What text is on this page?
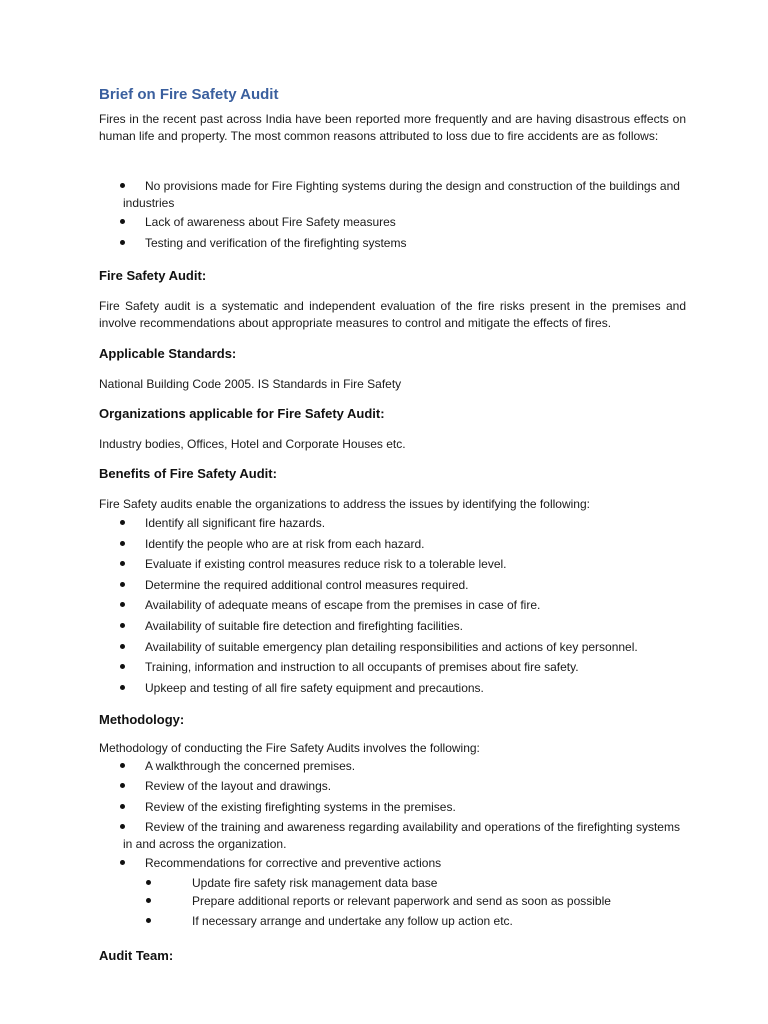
Brief on Fire Safety Audit

Fires in the recent past across India have been reported more frequently and are having disastrous effects on human life and property. The most common reasons attributed to loss due to fire accidents are as follows:

No provisions made for Fire Fighting systems during the design and construction of the buildings and industries
Lack of awareness about Fire Safety measures
Testing and verification of the firefighting systems
Fire Safety Audit:

Fire Safety audit is a systematic and independent evaluation of the fire risks present in the premises and involve recommendations about appropriate measures to control and mitigate the effects of fires.

Applicable Standards:

National Building Code 2005. IS Standards in Fire Safety

Organizations applicable for Fire Safety Audit:

Industry bodies, Offices, Hotel and Corporate Houses etc.

Benefits of Fire Safety Audit:

Fire Safety audits enable the organizations to address the issues by identifying the following:

Identify all significant fire hazards.
Identify the people who are at risk from each hazard.
Evaluate if existing control measures reduce risk to a tolerable level.
Determine the required additional control measures required.
Availability of adequate means of escape from the premises in case of fire.
Availability of suitable fire detection and firefighting facilities.
Availability of suitable emergency plan detailing responsibilities and actions of key personnel.
Training, information and instruction to all occupants of premises about fire safety.
Upkeep and testing of all fire safety equipment and precautions.
Methodology:

Methodology of conducting the Fire Safety Audits involves the following:

A walkthrough the concerned premises.
Review of the layout and drawings.
Review of the existing firefighting systems in the premises.
Review of the training and awareness regarding availability and operations of the firefighting systems in and across the organization.
Recommendations for corrective and preventive actions
Update fire safety risk management data base
Prepare additional reports or relevant paperwork and send as soon as possible
If necessary arrange and undertake any follow up action etc.
Audit Team:
